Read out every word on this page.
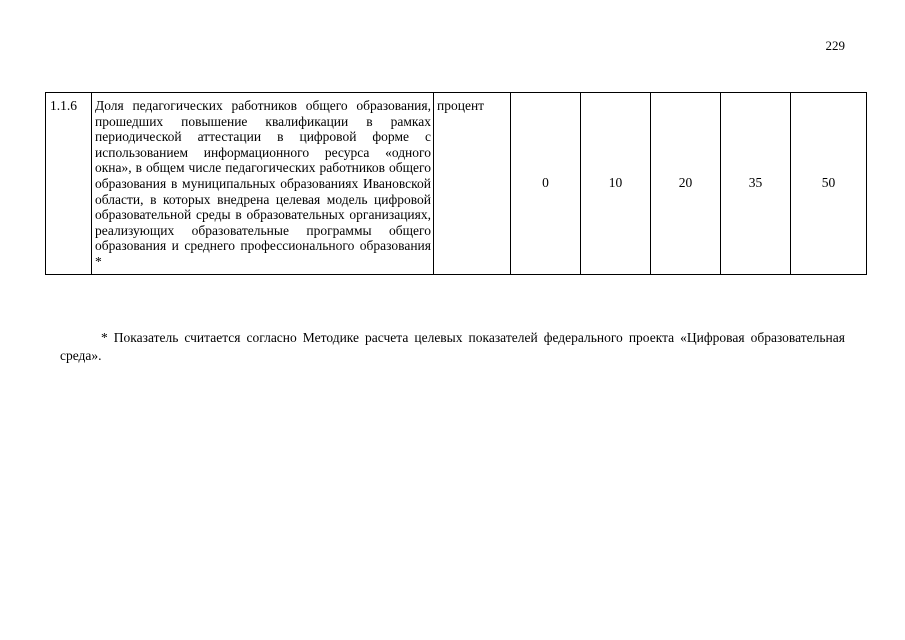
229
1.1.6	Доля педагогических работников общего образования, прошедших повышение квалификации в рамках периодической аттестации в цифровой форме с использованием информационного ресурса «одного окна», в общем числе педагогических работников общего образования в муниципальных образованиях Ивановской области, в которых внедрена целевая модель цифровой образовательной среды в образовательных организациях, реализующих образовательные программы общего образования и среднего профессионального образования *	процент	0	10	20	35	50
* Показатель считается согласно Методике расчета целевых показателей федерального проекта «Цифровая образовательная среда».
